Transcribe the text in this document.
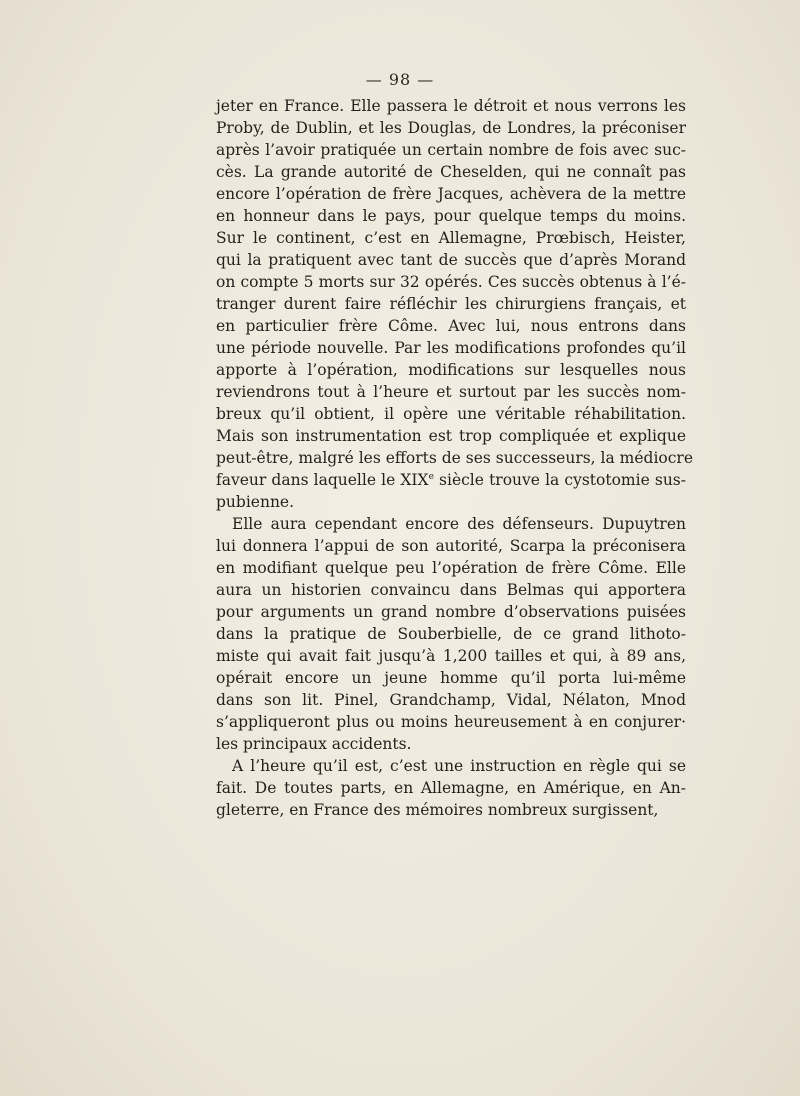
— 98 —
jeter en France. Elle passera le détroit et nous verrons les
Proby, de Dublin, et les Douglas, de Londres, la préconiser
après l’avoir pratiquée un certain nombre de fois avec suc-
cès. La grande autorité de Cheselden, qui ne connaît pas
encore l’opération de frère Jacques, achèvera de la mettre
en honneur dans le pays, pour quelque temps du moins.
Sur le continent, c’est en Allemagne, Prœbisch, Heister,
qui la pratiquent avec tant de succès que d’après Morand
on compte 5 morts sur 32 opérés. Ces succès obtenus à l’é-
tranger durent faire réfléchir les chirurgiens français, et
en particulier frère Côme. Avec lui, nous entrons dans
une période nouvelle. Par les modifications profondes qu’il
apporte à l’opération, modifications sur lesquelles nous
reviendrons tout à l’heure et surtout par les succès nom-
breux qu’il obtient, il opère une véritable réhabilitation.
Mais son instrumentation est trop compliquée et explique
peut-être, malgré les efforts de ses successeurs, la médiocre
faveur dans laquelle le XIXe siècle trouve la cystotomie sus-
pubienne.
Elle aura cependant encore des défenseurs. Dupuytren
lui donnera l’appui de son autorité, Scarpa la préconisera
en modifiant quelque peu l’opération de frère Côme. Elle
aura un historien convaincu dans Belmas qui apportera
pour arguments un grand nombre d’observations puisées
dans la pratique de Souberbielle, de ce grand lithoto-
miste qui avait fait jusqu’à 1,200 tailles et qui, à 89 ans,
opérait encore un jeune homme qu’il porta lui-même
dans son lit. Pinel, Grandchamp, Vidal, Nélaton, Mnod
s’appliqueront plus ou moins heureusement à en conjurer·
les principaux accidents.
A l’heure qu’il est, c’est une instruction en règle qui se
fait. De toutes parts, en Allemagne, en Amérique, en An-
gleterre, en France des mémoires nombreux surgissent,
